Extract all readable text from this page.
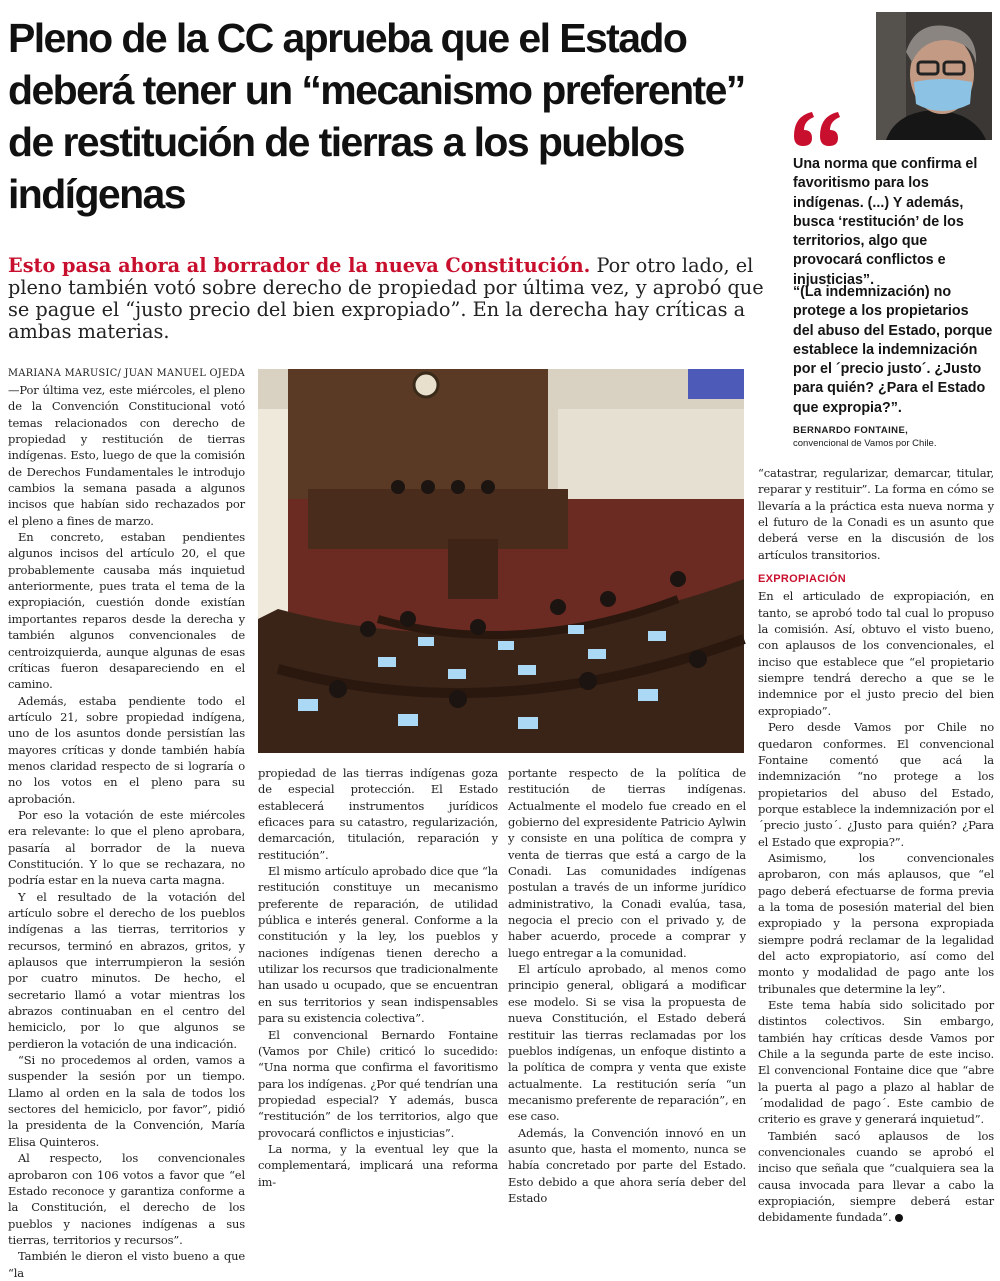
Pleno de la CC aprueba que el Estado deberá tener un “mecanismo preferente” de restitución de tierras a los pueblos indígenas
Una norma que confirma el favoritismo para los indígenas. (...) Y además, busca ‘restitución’ de los territorios, algo que provocará conflictos e injusticias”.
“(La indemnización) no protege a los propietarios del abuso del Estado, porque establece la indemnización por el ´precio justo´. ¿Justo para quién? ¿Para el Estado que expropia?”.
BERNARDO FONTAINE,
convencional de Vamos por Chile.
Esto pasa ahora al borrador de la nueva Constitución. Por otro lado, el pleno también votó sobre derecho de propiedad por última vez, y aprobó que se pague el “justo precio del bien expropiado”. En la derecha hay críticas a ambas materias.
MARIANA MARUSIC/ JUAN MANUEL OJEDA

—Por última vez, este miércoles, el pleno de la Convención Constitucional votó temas relacionados con derecho de propiedad y restitución de tierras indígenas. Esto, luego de que la comisión de Derechos Fundamentales le introdujo cambios la semana pasada a algunos incisos que habían sido rechazados por el pleno a fines de marzo.

En concreto, estaban pendientes algunos incisos del artículo 20, el que probablemente causaba más inquietud anteriormente, pues trata el tema de la expropiación, cuestión donde existían importantes reparos desde la derecha y también algunos convencionales de centroizquierda, aunque algunas de esas críticas fueron desapareciendo en el camino.

Además, estaba pendiente todo el artículo 21, sobre propiedad indígena, uno de los asuntos donde persistían las mayores críticas y donde también había menos claridad respecto de si lograría o no los votos en el pleno para su aprobación.

Por eso la votación de este miércoles era relevante: lo que el pleno aprobara, pasaría al borrador de la nueva Constitución. Y lo que se rechazara, no podría estar en la nueva carta magna.

Y el resultado de la votación del artículo sobre el derecho de los pueblos indígenas a las tierras, territorios y recursos, terminó en abrazos, gritos, y aplausos que interrumpieron la sesión por cuatro minutos. De hecho, el secretario llamó a votar mientras los abrazos continuaban en el centro del hemiciclo, por lo que algunos se perdieron la votación de una indicación.

“Si no procedemos al orden, vamos a suspender la sesión por un tiempo. Llamo al orden en la sala de todos los sectores del hemiciclo, por favor”, pidió la presidenta de la Convención, María Elisa Quinteros.

Al respecto, los convencionales aprobaron con 106 votos a favor que “el Estado reconoce y garantiza conforme a la Constitución, el derecho de los pueblos y naciones indígenas a sus tierras, territorios y recursos”.

También le dieron el visto bueno a que “la

propiedad de las tierras indígenas goza de especial protección. El Estado establecerá instrumentos jurídicos eficaces para su catastro, regularización, demarcación, titulación, reparación y restitución”.

El mismo artículo aprobado dice que “la restitución constituye un mecanismo preferente de reparación, de utilidad pública e interés general. Conforme a la constitución y la ley, los pueblos y naciones indígenas tienen derecho a utilizar los recursos que tradicionalmente han usado u ocupado, que se encuentran en sus territorios y sean indispensables para su existencia colectiva”.

El convencional Bernardo Fontaine (Vamos por Chile) criticó lo sucedido: “Una norma que confirma el favoritismo para los indígenas. ¿Por qué tendrían una propiedad especial? Y además, busca “restitución” de los territorios, algo que provocará conflictos e injusticias”.

La norma, y la eventual ley que la complementará, implicará una reforma im-

portante respecto de la política de restitución de tierras indígenas. Actualmente el modelo fue creado en el gobierno del expresidente Patricio Aylwin y consiste en una política de compra y venta de tierras que está a cargo de la Conadi. Las comunidades indígenas postulan a través de un informe jurídico administrativo, la Conadi evalúa, tasa, negocia el precio con el privado y, de haber acuerdo, procede a comprar y luego entregar a la comunidad.

El artículo aprobado, al menos como principio general, obligará a modificar ese modelo. Si se visa la propuesta de nueva Constitución, el Estado deberá restituir las tierras reclamadas por los pueblos indígenas, un enfoque distinto a la política de compra y venta que existe actualmente. La restitución sería “un mecanismo preferente de reparación”, en ese caso.

Además, la Convención innovó en un asunto que, hasta el momento, nunca se había concretado por parte del Estado. Esto debido a que ahora sería deber del Estado

“catastrar, regularizar, demarcar, titular, reparar y restituir”. La forma en cómo se llevaría a la práctica esta nueva norma y el futuro de la Conadi es un asunto que deberá verse en la discusión de los artículos transitorios.

EXPROPIACIÓN

En el articulado de expropiación, en tanto, se aprobó todo tal cual lo propuso la comisión. Así, obtuvo el visto bueno, con aplausos de los convencionales, el inciso que establece que “el propietario siempre tendrá derecho a que se le indemnice por el justo precio del bien expropiado”.

Pero desde Vamos por Chile no quedaron conformes. El convencional Fontaine comentó que acá la indemnización “no protege a los propietarios del abuso del Estado, porque establece la indemnización por el ´precio justo´. ¿Justo para quién? ¿Para el Estado que expropia?”.

Asimismo, los convencionales aprobaron, con más aplausos, que “el pago deberá efectuarse de forma previa a la toma de posesión material del bien expropiado y la persona expropiada siempre podrá reclamar de la legalidad del acto expropiatorio, así como del monto y modalidad de pago ante los tribunales que determine la ley”.

Este tema había sido solicitado por distintos colectivos. Sin embargo, también hay críticas desde Vamos por Chile a la segunda parte de este inciso. El convencional Fontaine dice que “abre la puerta al pago a plazo al hablar de ´modalidad de pago´. Este cambio de criterio es grave y generará inquietud”.

También sacó aplausos de los convencionales cuando se aprobó el inciso que señala que “cualquiera sea la causa invocada para llevar a cabo la expropiación, siempre deberá estar debidamente fundada”.
